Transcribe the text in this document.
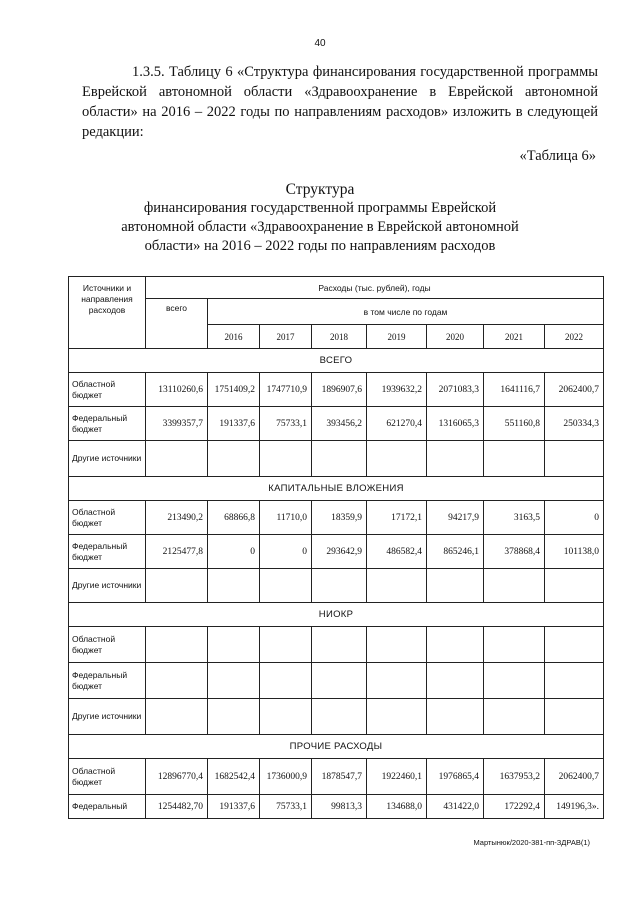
40
1.3.5. Таблицу 6 «Структура финансирования государственной программы Еврейской автономной области «Здравоохранение в Еврейской автономной области» на 2016 – 2022 годы по направлениям расходов» изложить в следующей редакции:
«Таблица 6»
Структура
финансирования государственной программы Еврейской
автономной области «Здравоохранение в Еврейской автономной
области» на 2016 – 2022 годы по направлениям расходов
Источники и направления расходов	Расходы (тыс. рублей), годы							
	всего	в том числе по годам						
		2016	2017	2018	2019	2020	2021	2022
ВСЕГО								
Областной бюджет	13110260,6	1751409,2	1747710,9	1896907,6	1939632,2	2071083,3	1641116,7	2062400,7
Федеральный бюджет	3399357,7	191337,6	75733,1	393456,2	621270,4	1316065,3	551160,8	250334,3
Другие источники								
КАПИТАЛЬНЫЕ ВЛОЖЕНИЯ								
Областной бюджет	213490,2	68866,8	11710,0	18359,9	17172,1	94217,9	3163,5	0
Федеральный бюджет	2125477,8	0	0	293642,9	486582,4	865246,1	378868,4	101138,0
Другие источники								
НИОКР								
Областной бюджет								
Федеральный бюджет								
Другие источники								
ПРОЧИЕ РАСХОДЫ								
Областной бюджет	12896770,4	1682542,4	1736000,9	1878547,7	1922460,1	1976865,4	1637953,2	2062400,7
Федеральный	1254482,70	191337,6	75733,1	99813,3	134688,0	431422,0	172292,4	149196,3».
Мартынюк/2020-381-пп-ЗДРАВ(1)
